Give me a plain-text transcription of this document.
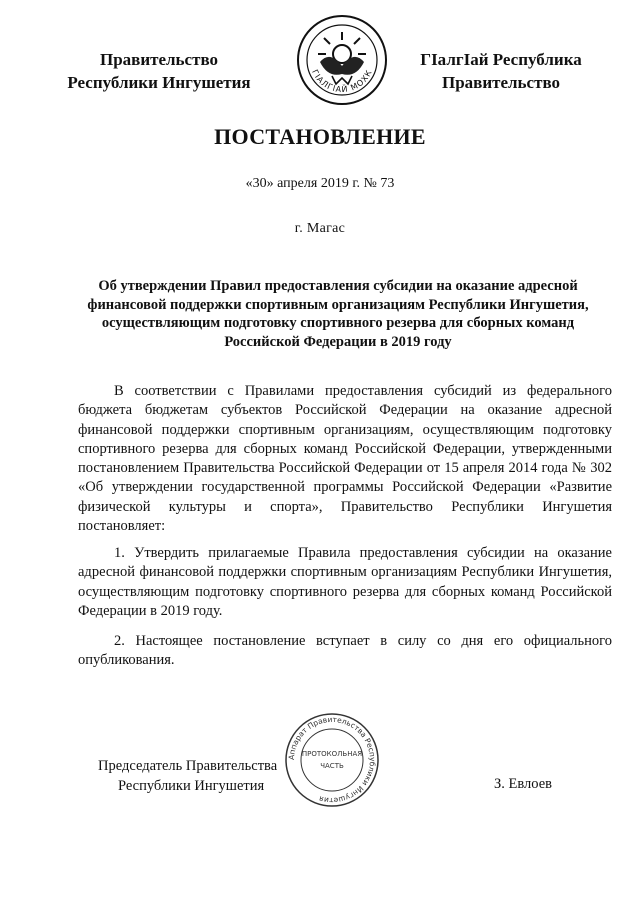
Правительство
Республики Ингушетия
ГIАЛГIАЙ МОХК
ГIалгIай Республика
Правительство
ПОСТАНОВЛЕНИЕ
«30» апреля 2019 г. № 73
г. Магас
Об утверждении Правил предоставления субсидии на оказание адресной финансовой поддержки спортивным организациям Республики Ингушетия, осуществляющим подготовку спортивного резерва для сборных команд Российской Федерации в 2019 году
В соответствии с Правилами предоставления субсидий из федерального бюджета бюджетам субъектов Российской Федерации на оказание адресной финансовой поддержки спортивным организациям, осуществляющим подготовку спортивного резерва для сборных команд Российской Федерации, утвержденными постановлением Правительства Российской Федерации от 15 апреля 2014 года № 302 «Об утверждении государственной программы Российской Федерации «Развитие физической культуры и спорта», Правительство Республики Ингушетия постановляет:
1. Утвердить прилагаемые Правила предоставления субсидии на оказание адресной финансовой поддержки спортивным организациям Республики Ингушетия, осуществляющим подготовку спортивного резерва для сборных команд Российской Федерации в 2019 году.
2. Настоящее постановление вступает в силу со дня его официального опубликования.
Председатель Правительства
Республики Ингушетия
Аппарат Правительства Республики Ингушетия
ПРОТОКОЛЬНАЯ
ЧАСТЬ
З. Евлоев
